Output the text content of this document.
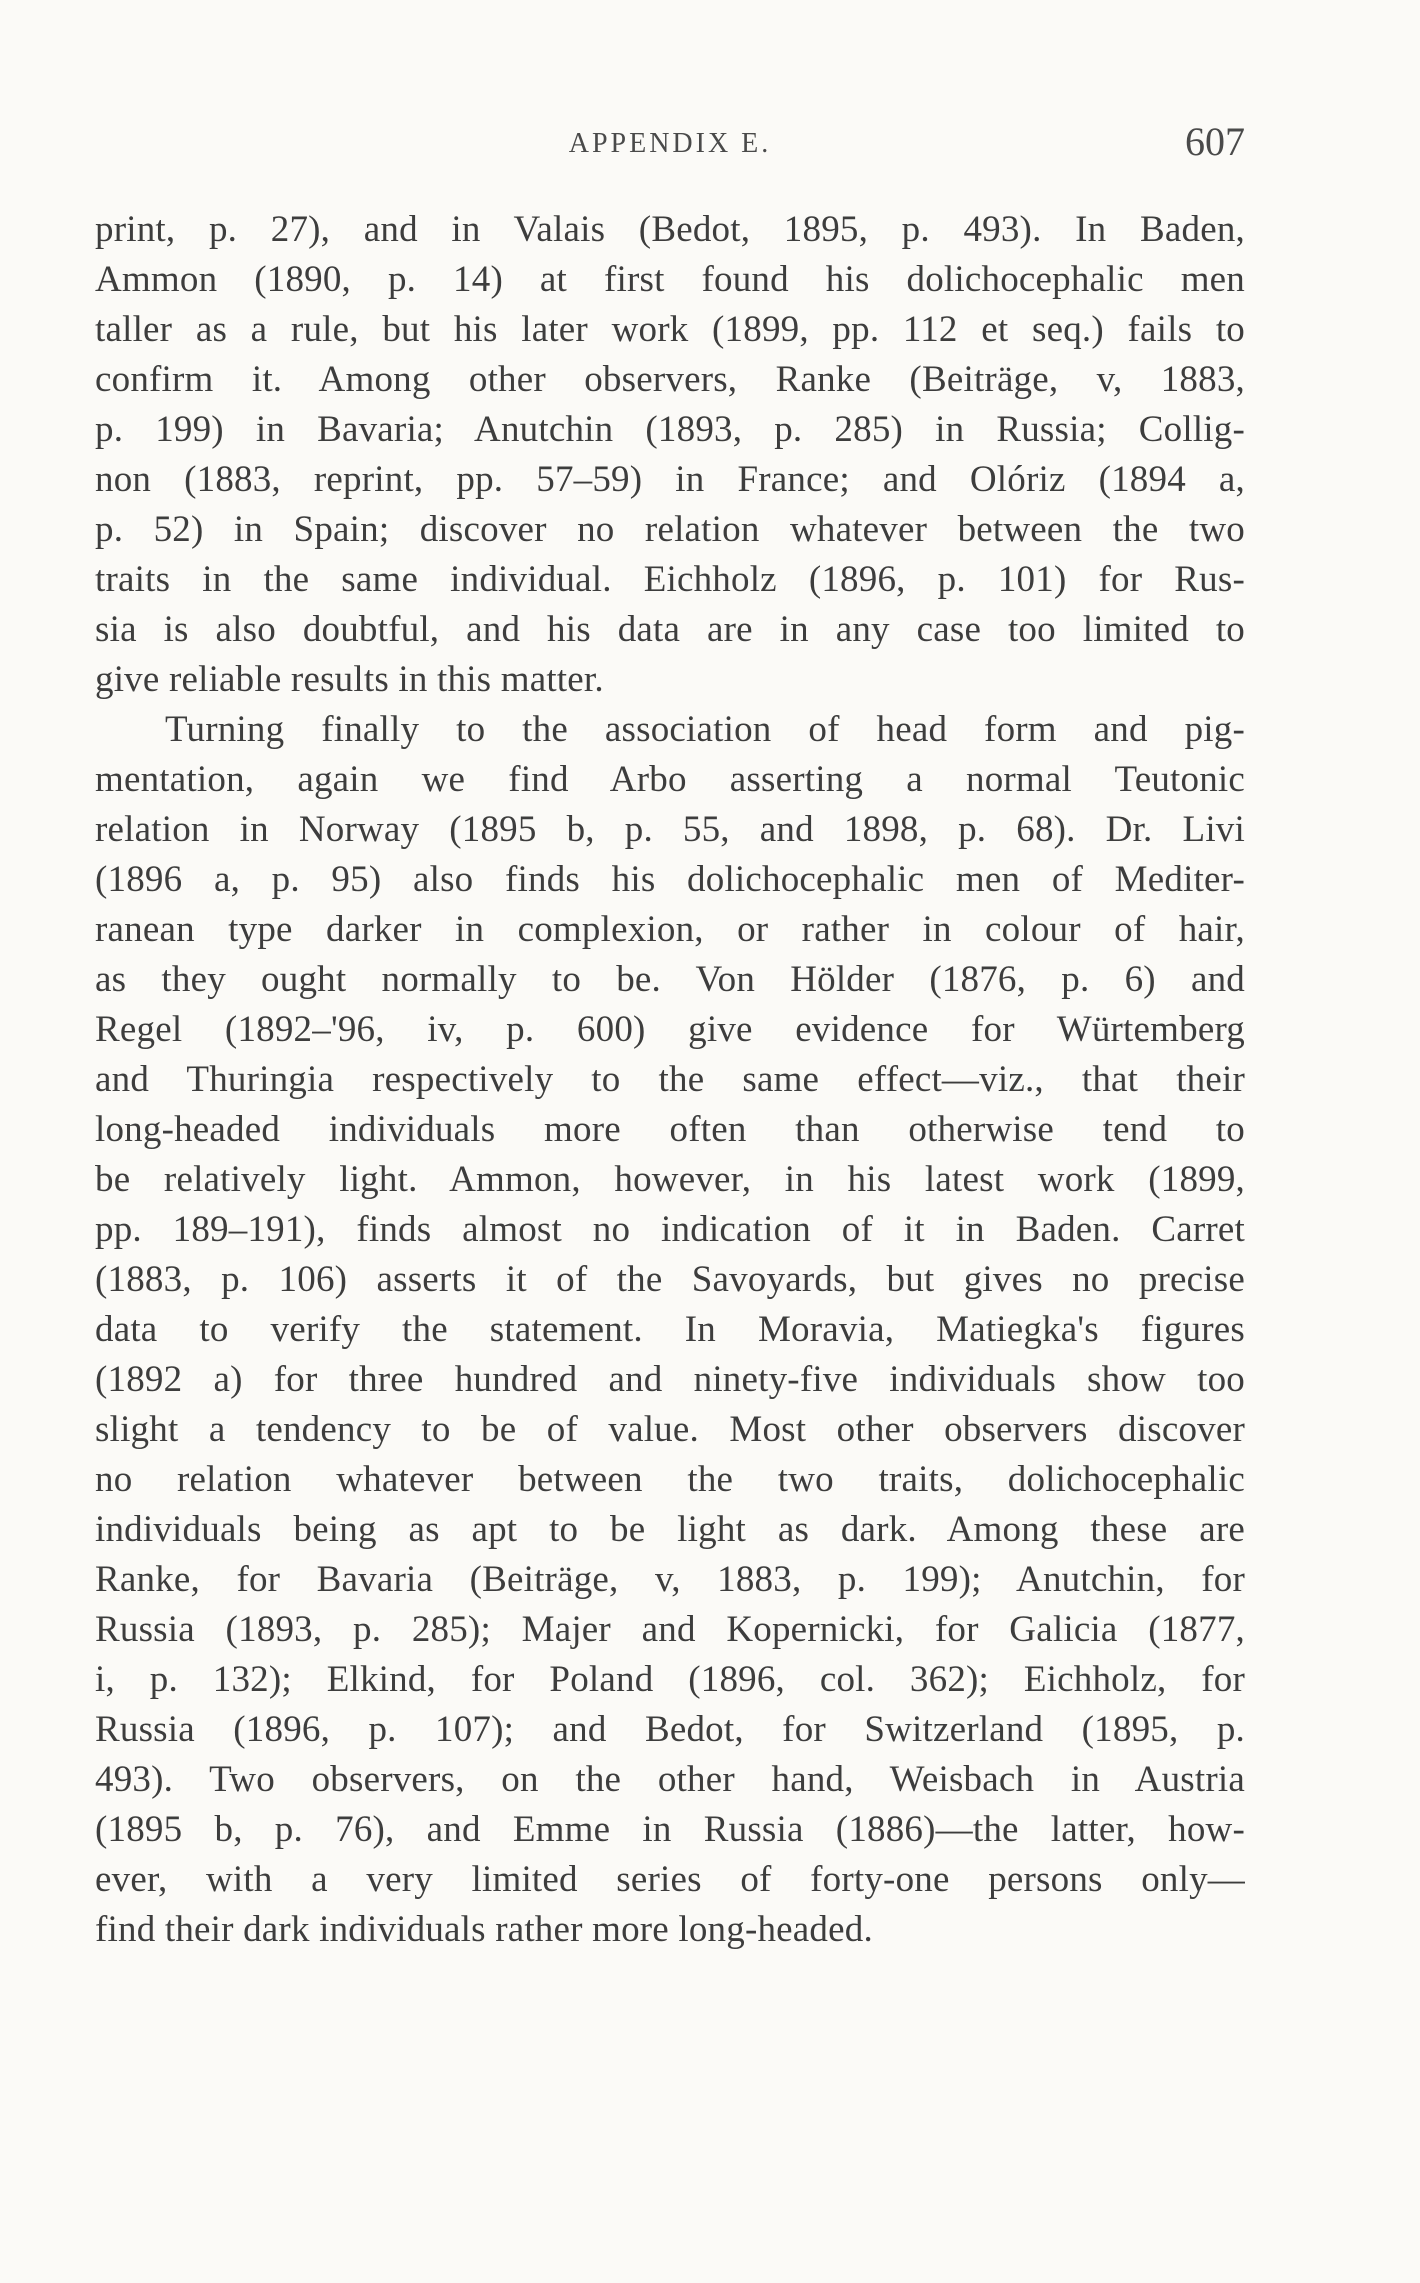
APPENDIX E.	607
print, p. 27), and in Valais (Bedot, 1895, p. 493). In Baden,
Ammon (1890, p. 14) at first found his dolichocephalic men
taller as a rule, but his later work (1899, pp. 112 et seq.) fails to
confirm it. Among other observers, Ranke (Beiträge, v, 1883,
p. 199) in Bavaria; Anutchin (1893, p. 285) in Russia; Collig-
non (1883, reprint, pp. 57–59) in France; and Olóriz (1894 a,
p. 52) in Spain; discover no relation whatever between the two
traits in the same individual. Eichholz (1896, p. 101) for Rus-
sia is also doubtful, and his data are in any case too limited to
give reliable results in this matter.
Turning finally to the association of head form and pig-
mentation, again we find Arbo asserting a normal Teutonic
relation in Norway (1895 b, p. 55, and 1898, p. 68). Dr. Livi
(1896 a, p. 95) also finds his dolichocephalic men of Mediter-
ranean type darker in complexion, or rather in colour of hair,
as they ought normally to be. Von Hölder (1876, p. 6) and
Regel (1892–'96, iv, p. 600) give evidence for Würtemberg
and Thuringia respectively to the same effect—viz., that their
long-headed individuals more often than otherwise tend to
be relatively light. Ammon, however, in his latest work (1899,
pp. 189–191), finds almost no indication of it in Baden. Carret
(1883, p. 106) asserts it of the Savoyards, but gives no precise
data to verify the statement. In Moravia, Matiegka's figures
(1892 a) for three hundred and ninety-five individuals show too
slight a tendency to be of value. Most other observers discover
no relation whatever between the two traits, dolichocephalic
individuals being as apt to be light as dark. Among these are
Ranke, for Bavaria (Beiträge, v, 1883, p. 199); Anutchin, for
Russia (1893, p. 285); Majer and Kopernicki, for Galicia (1877,
i, p. 132); Elkind, for Poland (1896, col. 362); Eichholz, for
Russia (1896, p. 107); and Bedot, for Switzerland (1895, p.
493). Two observers, on the other hand, Weisbach in Austria
(1895 b, p. 76), and Emme in Russia (1886)—the latter, how-
ever, with a very limited series of forty-one persons only—
find their dark individuals rather more long-headed.
